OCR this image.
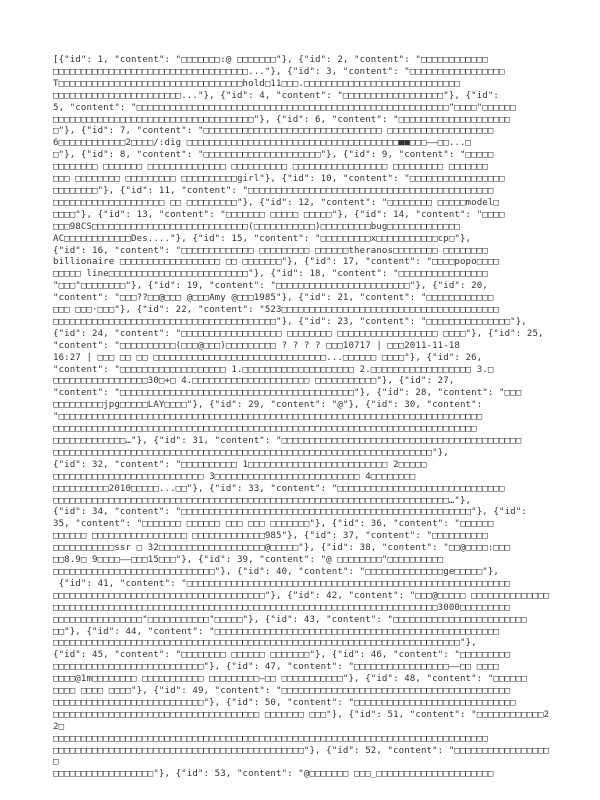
[{"id": 1, "content": "□□□□□□□:@ □□□□□□□"}, {"id": 2, "content": "□□□□□□□□□□□□
□□□□□□□□□□□□□□□□□□□□□□□□□□□□□□□□□□□..."}, {"id": 3, "content": "□□□□□□□□□□□□□□□□□
T□□□□□□□□□□□□□□□□□□□□□□□□□□□□□□□□□hold□11□□□.□□□□□□□□□□□□□□□□□□□□□□□□□□□□
□□□□□□□□□□□□□□□□□□□□□□□..."}, {"id": 4, "content": "□□□□□□□□□□□□□□□□□□"}, {"id":
5, "content": "□□□□□□□□□□□□□□□□□□□□□□□□□□□□□□□□□□□□□□□□□□□□□□□□□□□□□□□□"□□□□"□□□□□□
□□□□□□□□□□□□□□□□□□□□□□□□□□□□□□□□□□□□"}, {"id": 6, "content": "□□□□□□□□□□□□□□□□□□□□
□"}, {"id": 7, "content": "□□□□□□□□□□□□□□□□□□□□□□□□□□□□□□□□ □□□□□□□□□□□□□□□□□□□
6□□□□□□□□□□□□2□□□□/:dig □□□□□□□□□□□□□□□□□□□□□□□□□□□□□□□□□□□□□□■■□□□——□□...□
□"}, {"id": 8, "content": "□□□□□□□□□□□□□□□□□□□□□"}, {"id": 9, "content": "□□□□□
□□□□□□□□ □□□□□□□ □□□□□□□□□□□□□□ □□□□□□□□□□ □□□□□□□□□□□□□□□□□ □□□□□□□□□ □□□□□□□
□□□ □□□□□□□□ □□□□□□□□□ □□□□□□□□□□girl"}, {"id": 10, "content": "□□□□□□□□□□□□□□□□□
□□□□□□□□"}, {"id": 11, "content": "□□□□□□□□□□□□□□□□□□□□□□□□□□□□□□□□□□□□□□□□□□□□
□□□□□□□□□□□□□□□□□□□□ □□ □□□□□□□□□"}, {"id": 12, "content": "□□□□□□□□ □□□□□model□
□□□□"}, {"id": 13, "content": "□□□□□□□ □□□□□ □□□□□"}, {"id": 14, "content": "□□□□
□□□98CS□□□□□□□□□□□□□□□□□□□□□□□□□□□□(□□□□□□□□□□□)□□□□□□□□□bug□□□□□□□□□□□□□
AC□□□□□□□□□□□□Des...."}, {"id": 15, "content": "□□□□□□□□□x□□□□□□□□□□□cp□"},
{"id": 16, "content": "□□□□□□□□□□□□□ □□□□□□□□□ □□□□□□theranos□□□□□□□□ □□□□□□□□
billionaire □□□□□□□□□□□□□□□□□□ □□ □□□□□□□"}, {"id": 17, "content": "□□□□popo□□□□
□□□□□ line□□□□□□□□□□□□□□□□□□□□□□□□□"}, {"id": 18, "content": "□□□□□□□□□□□□□□□□
"□□□"□□□□□□□□"}, {"id": 19, "content": "□□□□□□□□□□□□□□□□□□□□□□□□"}, {"id": 20,
"content": "□□□??□□@□□□ @□□□Amy @□□□1985"}, {"id": 21, "content": "□□□□□□□□□□□□
□□□ □□□·□□□"}, {"id": 22, "content": "523□□□□□□□□□□□□□□□□□□□□□□□□□□□□□□□□□□□□□□□
□□□□□□□□□□□□□□□□□□□□□□□□□□□□□□□□□□□□□□□□"}, {"id": 23, "content": "□□□□□□□□□□□□□□□"},
{"id": 24, "content": "□□□□□□□□□□□□□□□□□□ □□□□□□□□ □□□□□□□□□□□□□□□□□□ □□□□"}, {"id": 25,
"content": "□□□□□□□□□□(□□□@□□□)□□□□□□□□□ ? ? ? ? □□□10717 | □□□2011-11-18
16:27 | □□□ □□ □□ □□□□□□□□□□□□□□□□□□□□□□□□□□□□□□□...□□□□□□ □□□□"}, {"id": 26,
"content": "□□□□□□□□□□□□□□□□□□□ 1.□□□□□□□□□□□□□□□□□□□□ 2.□□□□□□□□□□□□□□□□□□ 3.□
□□□□□□□□□□□□□□□□□30□+□ 4.□□□□□□□□□□□□□□□□□□□□□ □□□□□□□□□□□"}, {"id": 27,
"content": "□□□□□□□□□□□□□□□□□□□□□□□□□□□□□□□□□□□□□□□□□□"}, {"id": 28, "content": "□□□
□□□□□□□□□jpg□□□□□LAY□□□□"}, {"id": 29, "content": "@"}, {"id": 30, "content":
"□□□□□□□□□□□□□□□□□□□□□□□□□□□□□□□□□□□□□□□□□□□□□□□□□□□□□□□□□□□□□□□□□□□□□□□□□□□□
□□□□□□□□□□□□□□□□□□□□□□□□□□□□□□□□□□□□□□□□□□□□□□□□□□□□□□□□□□□□□□□□□□□□□□□□□□□□
□□□□□□□□□□□□□…"}, {"id": 31, "content": "□□□□□□□□□□□□□□□□□□□□□□□□□□□□□□□□□□□□□□□□□□□
□□□□□□□□□□□□□□□□□□□□□□□□□□□□□□□□□□□□□□□□□□□□□□□□□□□□□□□□□□□□□□□□□□□□"},
{"id": 32, "content": "□□□□□□□□□□ 1□□□□□□□□□□□□□□□□□□□□□□□□□ 2□□□□□
□□□□□□□□□□□□□□□□□□□□□□□□□□□ 3□□□□□□□□□□□□□□□□□□□□□□□□□□ 4□□□□□□□□
□□□□□□□□□□2010□□□□□...□□"}, {"id": 33, "content": "□□□□□□□□□□□□□□□□□□□□□□□□□□□□□□
□□□□□□□□□□□□□□□□□□□□□□□□□□□□□□□□□□□□□□□□□□□□□□□□□□□□□□□□□□□□□□□□□□□□□□□…"},
{"id": 34, "content": "□□□□□□□□□□□□□□□□□□□□□□□□□□□□□□□□□□□□□□□□□□□□□□□□□□□□"}, {"id":
35, "content": "□□□□□□□ □□□□□□ □□□ □□□ □□□□□□□"}, {"id": 36, "content": "□□□□□□
□□□□□□ □□□□□□□□□□□□□□□□□ □□□□□□□□□□□□□985"}, {"id": 37, "content": "□□□□□□□□□□
□□□□□□□□□□□ssr □ 32□□□□□□□□□□□□□□□□□□□@□□□□□"}, {"id": 38, "content": "□□@□□□□:□□□
□□8.9□ 9□□□□——□□□15□□□"}, {"id": 39, "content": "@ □□□□□□□□"□□□□□□□□□□
□□□□□□□□□□□□□□□□□□□□□□□□□□□□□"}, {"id": 40, "content": "□□□□□□□□□□□□□□ge□□□□□"},
{"id": 41, "content": "□□□□□□□□□□□□□□□□□□□□□□□□□□□□□□□□□□□□□□□□□□□□□□□□□□□□□□□□□□
□□□□□□□□□□□□□□□□□□□□□□□□□□□□□□□□□□□□□□"}, {"id": 42, "content": "□□□@□□□□□ □□□□□□□□□□□□□□
□□□□□□□□□□□□□□□□□□□□□□□□□□□□□□□□□□□□□□□□□□□□□□□□□□□□□□□□□□□□□□□□□□□□□3000□□□□□□□□□
□□□□□□□□□□□□□□□□"□□□□□□□□□□□"□□□□□"}, {"id": 43, "content": "□□□□□□□□□□□□□□□□□□□□□□□□
□□"}, {"id": 44, "content": "□□□□□□□□□□□□□□□□□□□□□□□□□□□□□□□□□□□□□□□□□□□□□□□□□□□
□□□□□□□□□□□□□□□□□□□□□□□□□□□□□□□□□□□□□□□□□□□□□□□□□□□□□□□□□□□□□□□□□□□□□□□□□"},
{"id": 45, "content": "□□□□□□□□ □□□□□□ □□□□□□□"}, {"id": 46, "content": "□□□□□□□□□
□□□□□□□□□□□□□□□□□□□□□□□□□□□"}, {"id": 47, "content": "□□□□□□□□□□□□□□□□□——□□ □□□□
□□□□@1m□□□□□□□□ □□□□□□□□□□□ □□□□□□□□□—□□ □□□□□□□□□□□"}, {"id": 48, "content": "□□□□□□
□□□□ □□□□ □□□□"}, {"id": 49, "content": "□□□□□□□□□□□□□□□□□□□□□□□□□□□□□□□□□□□□□□□□□
□□□□□□□□□□□□□□□□□□□□□□□□□□□"}, {"id": 50, "content": "□□□□□□□□□□□□□□□□□□□□□□□□□□□□□
□□□□□□□□□□□□□□□□□□□□□□□□□□□□□□□□□□□□□ □□□□□□□ □□□"}, {"id": 51, "content": "□□□□□□□□□□□□22□
□□□□□□□□□□□□□□□□□□□□□□□□□□□□□□□□□□□□□□□□□□□□□□□□□□□□□□□□□□□□□□□□□□□□□□□□□□□□□□
□□□□□□□□□□□□□□□□□□□□□□□□□□□□□□□□□□□□□□□□□□□□□"}, {"id": 52, "content": "□□□□□□□□□□□□□□□□□□
□□□□□□□□□□□□□□□□□□"}, {"id": 53, "content": "@□□□□□□□ □□□_□□□□□□□□□□□□□□□□□□□□□
